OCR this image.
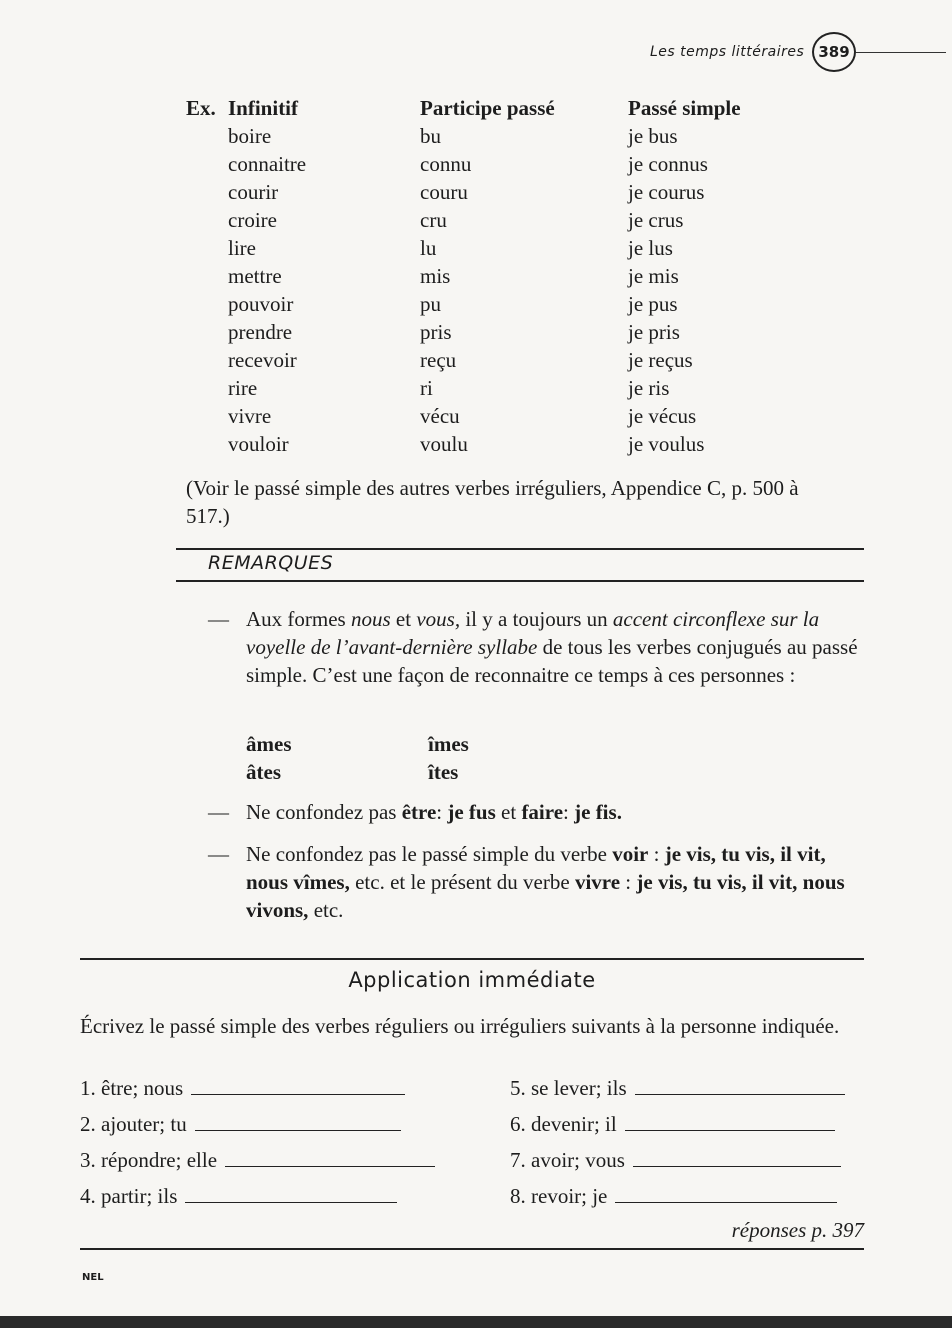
Les temps littéraires 389
Ex. Infinitif
boire
connaitre
courir
croire
lire
mettre
pouvoir
prendre
recevoir
rire
vivre
vouloir
Participe passé
bu
connu
couru
cru
lu
mis
pu
pris
reçu
ri
vécu
voulu
Passé simple
je bus
je connus
je courus
je crus
je lus
je mis
je pus
je pris
je reçus
je ris
je vécus
je voulus
(Voir le passé simple des autres verbes irréguliers, Appendice C, p. 500 à 517.)
REMARQUES
— Aux formes nous et vous, il y a toujours un accent circonflexe sur la voyelle de l’avant-dernière syllabe de tous les verbes conjugués au passé simple. C’est une façon de reconnaitre ce temps à ces personnes :
âmes
âtes
îmes
îtes
— Ne confondez pas être: je fus et faire: je fis.
— Ne confondez pas le passé simple du verbe voir : je vis, tu vis, il vit, nous vîmes, etc. et le présent du verbe vivre : je vis, tu vis, il vit, nous vivons, etc.
Application immédiate
Écrivez le passé simple des verbes réguliers ou irréguliers suivants à la personne indiquée.
1. être; nous
2. ajouter; tu
3. répondre; elle
4. partir; ils
5. se lever; ils
6. devenir; il
7. avoir; vous
8. revoir; je
réponses p. 397
NEL
